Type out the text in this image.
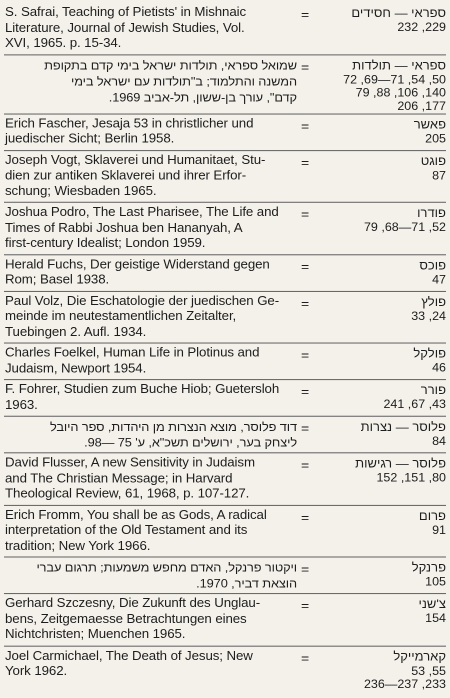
S. Safrai, Teaching of Pietists' in Mishnaic
Literature, Journal of Jewish Studies, Vol.
XVI, 1965. p. 15-34.
=	ספראי — חסידים
232 ,229
שמואל ספראי, תולדות ישראל בימי קדם בתקופת
המשנה והתלמוד; ב"תולדות עם ישראל בימי
קדם", עורך בן-ששון, תל-אביב 1969.
=	ספראי — תולדות
72 ,69—71 ,54 ,50
79 ,88 ,106 ,140
206 ,177
Erich Fascher, Jesaja 53 in christlicher und
juedischer Sicht; Berlin 1958.
=	פאשר
205
Joseph Vogt, Sklaverei und Humanitaet, Stu-
dien zur antiken Sklaverei und ihrer Erfor-
schung; Wiesbaden 1965.
=	פוגט
87
Joshua Podro, The Last Pharisee, The Life and
Times of Rabbi Joshua ben Hananyah, A
first-century Idealist; London 1959.
=	פודרו
79 ,68—71 ,52
Herald Fuchs, Der geistige Widerstand gegen
Rom; Basel 1938.
=	פוכס
47
Paul Volz, Die Eschatologie der juedischen Ge-
meinde im neutestamentlichen Zeitalter,
Tuebingen 2. Aufl. 1934.
=	פולץ
33 ,24
Charles Foelkel, Human Life in Plotinus and
Judaism, Newport 1954.
=	פולקל
46
F. Fohrer, Studien zum Buche Hiob; Guetersloh
1963.
=	פורר
241 ,67 ,43
דוד פלוסר, מוצא הנצרות מן היהדות, ספר היובל
ליצחק בער, ירושלים תשכ"א, ע' 75 —98.
=	פלוסר — נצרות
84
David Flusser, A new Sensitivity in Judaism
and The Christian Message; in Harvard
Theological Review, 61, 1968, p. 107-127.
=	פלוסר — רגישות
152 ,151 ,80
Erich Fromm, You shall be as Gods, A radical
interpretation of the Old Testament and its
tradition; New York 1966.
=	פרום
91
ויקטור פרנקל, האדם מחפש משמעות; תרגום עברי
הוצאת דביר, 1970.
=	פרנקל
105
Gerhard Szczesny, Die Zukunft des Unglau-
bens, Zeitgemaesse Betrachtungen eines
Nichtchristen; Muenchen 1965.
=	צ'שני
154
Joel Carmichael, The Death of Jesus; New
York 1962.
=	קארמייקל
53 ,55
236—237 ,233
